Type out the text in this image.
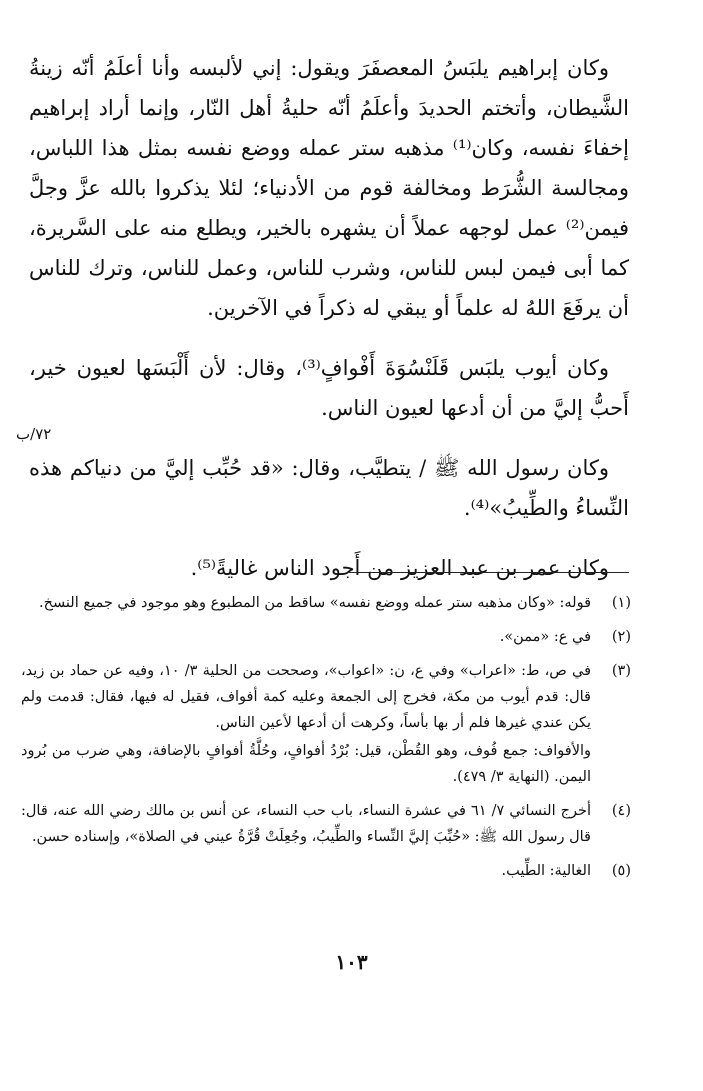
وكان إبراهيم يلبَسُ المعصفَرَ ويقول: إني لألبسه وأنا أعلَمُ أنّه زينةُ الشَّيطان، وأتختم الحديدَ وأعلَمُ أنّه حليةُ أهل النّار، وإنما أراد إبراهيم إخفاءَ نفسه، وكان⁽¹⁾ مذهبه ستر عمله ووضع نفسه بمثل هذا اللباس، ومجالسة الشُّرَط ومخالفة قوم من الأدنياء؛ لئلا يذكروا بالله عزَّ وجلَّ فيمن⁽²⁾ عمل لوجهه عملاً أن يشهره بالخير، ويطلع منه على السَّريرة، كما أبى فيمن لبس للناس، وشرب للناس، وعمل للناس، وترك للناس أن يرفَعَ اللهُ له علماً أو يبقي له ذكراً في الآخرين.

وكان أيوب يلبَس قَلَنْسُوَةَ أَفْوافٍ⁽³⁾، وقال: لأن أَلْبَسَها لعيون خير، أَحبُّ إليَّ من أن أدعها لعيون الناس.

وكان رسول الله ﷺ / يتطيَّب، وقال: «قد حُبِّب إليَّ من دنياكم هذه النِّساءُ والطِّيبُ»⁽⁴⁾.

وكان عمر بن عبد العزيز من أَجود الناس غاليةً⁽⁵⁾.

٧٢/ب
(١)

قوله: «وكان مذهبه ستر عمله ووضع نفسه» ساقط من المطبوع وهو موجود في جميع النسخ.

(٢)

في ع: «ممن».

(٣)

في ص، ط: «اعراب» وفي ع، ن: «اعواب»، وصححت من الحلية ٣/ ١٠، وفيه عن حماد بن زيد، قال: قدم أيوب من مكة، فخرج إلى الجمعة وعليه كمة أفواف، فقيل له فيها، فقال: قدمت ولم يكن عندي غيرها فلم أر بها بأساً، وكرهت أن أدعها لأعين الناس.

والأفواف: جمع فُوف، وهو القُطْن، قيل: بُرْدُ أفوافٍ، وحُلَّةُ أفوافٍ بالإضافة، وهي ضرب من بُرود اليمن. (النهاية ٣/ ٤٧٩).

(٤)

أخرج النسائي ٧/ ٦١ في عشرة النساء، باب حب النساء، عن أنس بن مالك رضي الله عنه، قال: قال رسول الله ﷺ: «حُبِّبَ إليَّ النِّساء والطِّيبُ، وجُعِلَتْ قُرَّةُ عيني في الصلاة»، وإسناده حسن.

(٥)

الغالية: الطِّيب.

١٠٣
